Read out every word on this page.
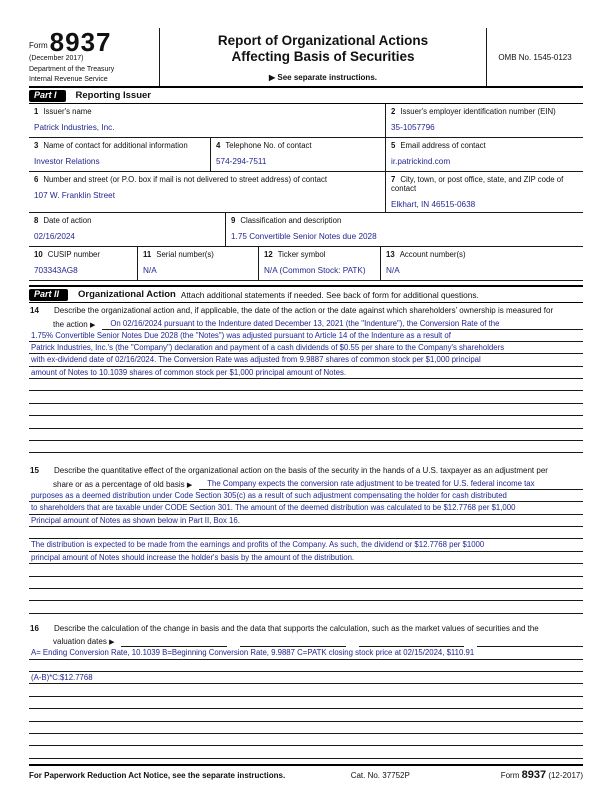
Form 8937
(December 2017)
Department of the Treasury
Internal Revenue Service
Report of Organizational Actions
Affecting Basis of Securities
▶ See separate instructions.
OMB No. 1545-0123
Part I	Reporting Issuer
1 Issuer's name
Patrick Industries, Inc.
2 Issuer's employer identification number (EIN)
35-1057796
3 Name of contact for additional information
Investor Relations
4 Telephone No. of contact
574-294-7511
5 Email address of contact
ir.patrickind.com
6 Number and street (or P.O. box if mail is not delivered to street address) of contact
107 W. Franklin Street
7 City, town, or post office, state, and ZIP code of contact
Elkhart, IN 46515-0638
8 Date of action
02/16/2024
9 Classification and description
1.75 Convertible Senior Notes due 2028
10 CUSIP number
703343AG8
11 Serial number(s)
N/A
12 Ticker symbol
N/A (Common Stock: PATK)
13 Account number(s)
N/A
Part II	Organizational Action Attach additional statements if needed. See back of form for additional questions.
14	Describe the organizational action and, if applicable, the date of the action or the date against which shareholders’ ownership is measured for
the action ▶	On 02/16/2024 pursuant to the Indenture dated December 13, 2021 (the "Indenture"), the Conversion Rate of the
1.75% Convertible Senior Notes Due 2028 (the "Notes") was adjusted pursuant to Article 14 of the Indenture as a result of
Patrick Industries, Inc.'s (the "Company") declaration and payment of a cash dividends of $0.55 per share to the Company's shareholders
with ex-dividend date of 02/16/2024. The Conversion Rate was adjusted from 9.9887 shares of common stock per $1,000 principal
amount of Notes to 10.1039 shares of common stock per $1,000 principal amount of Notes.
15	Describe the quantitative effect of the organizational action on the basis of the security in the hands of a U.S. taxpayer as an adjustment per
share or as a percentage of old basis ▶	The Company expects the conversion rate adjustment to be treated for U.S. federal income tax
purposes as a deemed distribution under Code Section 305(c) as a result of such adjustment compensating the holder for cash distributed
to shareholders that are taxable under CODE Section 301. The amount of the deemed distribution was calculated to be $12.7768 per $1,000
Principal amount of Notes as shown below in Part II, Box 16.
The distribution is expected to be made from the earnings and profits of the Company. As such, the dividend or $12.7768 per $1000
principal amount of Notes should increase the holder's basis by the amount of the distribution.
16	Describe the calculation of the change in basis and the data that supports the calculation, such as the market values of securities and the
valuation dates ▶
A= Ending Conversion Rate, 10.1039 B=Beginning Conversion Rate, 9.9887 C=PATK closing stock price at 02/15/2024, $110.91
(A-B)*C:$12.7768
For Paperwork Reduction Act Notice, see the separate instructions.	Cat. No. 37752P	Form 8937 (12-2017)
